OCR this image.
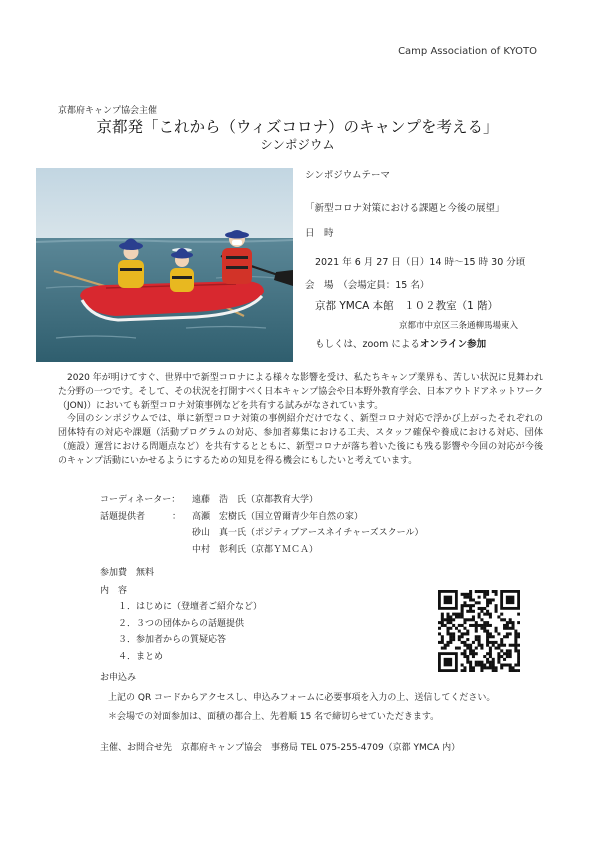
Camp Association of KYOTO
京都府キャンプ協会主催
京都発「これから（ウィズコロナ）のキャンプを考える」
シンポジウム
シンポジウムテーマ
「新型コロナ対策における課題と今後の展望」
日　時
2021 年 6 月 27 日（日）14 時〜15 時 30 分頃
会　場　（会場定員：15 名）
京都 YMCA 本館　１０２教室（1 階）
京都市中京区三条通柳馬場東入
もしくは、zoom によるオンライン参加

2020 年が明けてすぐ、世界中で新型コロナによる様々な影響を受け、私たちキャンプ業界も、苦しい状況に見舞われた分野の一つです。そして、その状況を打開すべく日本キャンプ協会や日本野外教育学会、日本アウトドアネットワーク（JON)）においても新型コロナ対策事例などを共有する試みがなされています。

今回のシンポジウムでは、単に新型コロナ対策の事例紹介だけでなく、新型コロナ対応で浮かび上がったそれぞれの団体特有の対応や課題（活動プログラムの対応、参加者募集における工夫、スタッフ確保や養成における対応、団体（施設）運営における問題点など）を共有するとともに、新型コロナが落ち着いた後にも残る影響や今回の対応が今後のキャンプ活動にいかせるようにするための知見を得る機会にもしたいと考えています。

コーディネーター：	遠藤　浩　氏（京都教育大学）
話題提供者　　　：	高瀬　宏樹氏（国立曽爾青少年自然の家）
砂山　真一氏（ポジティブアースネイチャーズスクール）
中村　彰利氏（京都ＹＭＣＡ）
参加費　無料
内　容
１．はじめに（登壇者ご紹介など）
２．３つの団体からの話題提供
３．参加者からの質疑応答
４．まとめ
お申込み
上記の QR コードからアクセスし、申込みフォームに必要事項を入力の上、送信してください。
＊会場での対面参加は、面積の都合上、先着順 15 名で締切らせていただきます。
主催、お問合せ先　京都府キャンプ協会　事務局 TEL 075-255-4709（京都 YMCA 内）
